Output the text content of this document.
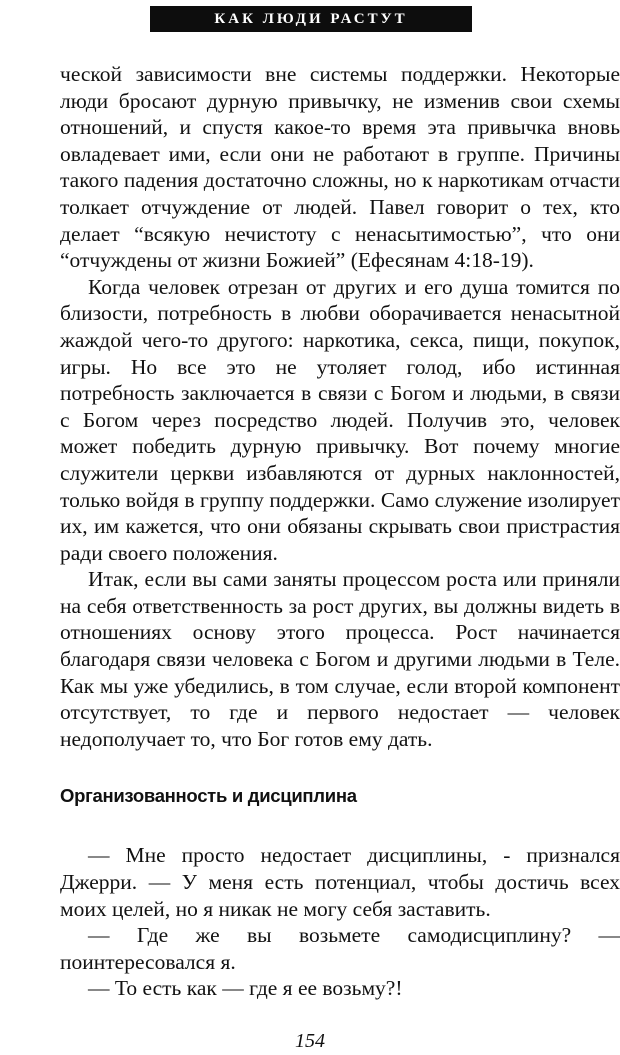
КАК ЛЮДИ РАСТУТ

ческой зависимости вне системы поддержки. Некоторые люди бросают дурную привычку, не изменив свои схемы отношений, и спустя какое-то время эта привычка вновь овладевает ими, если они не работают в группе. Причины такого падения достаточно сложны, но к наркотикам отчасти толкает отчуждение от людей. Павел говорит о тех, кто делает “всякую нечистоту с ненасытимостью”, что они “отчуждены от жизни Божией” (Ефесянам 4:18-19).

Когда человек отрезан от других и его душа томится по близости, потребность в любви оборачивается ненасытной жаждой чего-то другого: наркотика, секса, пищи, покупок, игры. Но все это не утоляет голод, ибо истинная потребность заключается в связи с Богом и людьми, в связи с Богом через посредство людей. Получив это, человек может победить дурную привычку. Вот почему многие служители церкви избавляются от дурных наклонностей, только войдя в группу поддержки. Само служение изолирует их, им кажется, что они обязаны скрывать свои пристрастия ради своего положения.

Итак, если вы сами заняты процессом роста или приняли на себя ответственность за рост других, вы должны видеть в отношениях основу этого процесса. Рост начинается благодаря связи человека с Богом и другими людьми в Теле. Как мы уже убедились, в том случае, если второй компонент отсутствует, то где и первого недостает — человек недополучает то, что Бог готов ему дать.

Организованность и дисциплина

— Мне просто недостает дисциплины, - признался Джерри. — У меня есть потенциал, чтобы достичь всех моих целей, но я никак не могу себя заставить.

— Где же вы возьмете самодисциплину? — поинтересовался я.

— То есть как — где я ее возьму?!

154
